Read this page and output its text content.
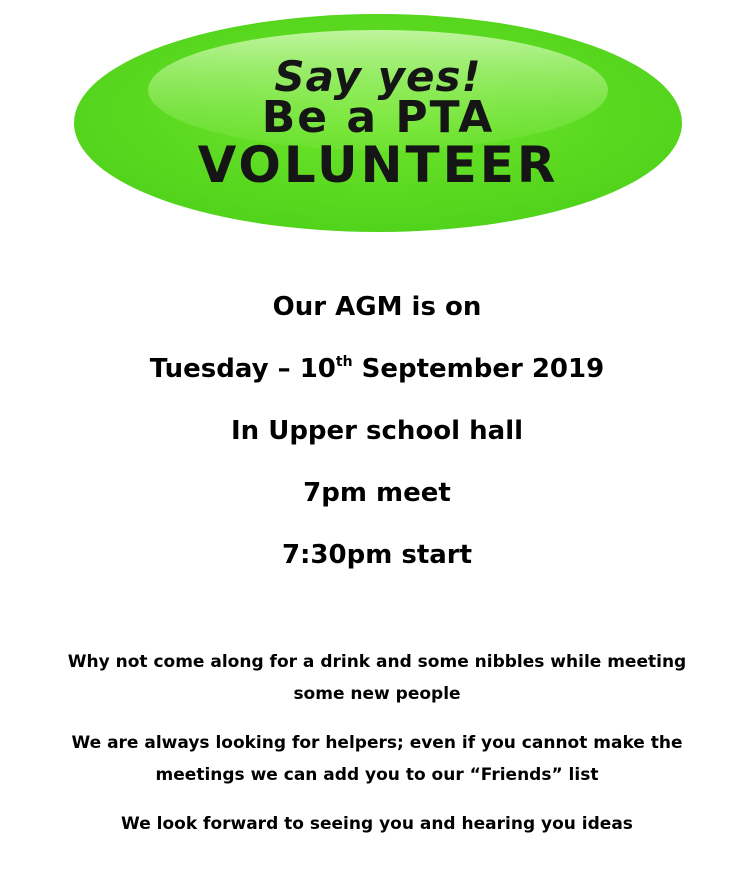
Say yes!
Be a PTA
VOLUNTEER
Our AGM is on
Tuesday – 10th September 2019
In Upper school hall
7pm meet
7:30pm start
Why not come along for a drink and some nibbles while meeting some new people
We are always looking for helpers; even if you cannot make the meetings we can add you to our “Friends” list
We look forward to seeing you and hearing you ideas
